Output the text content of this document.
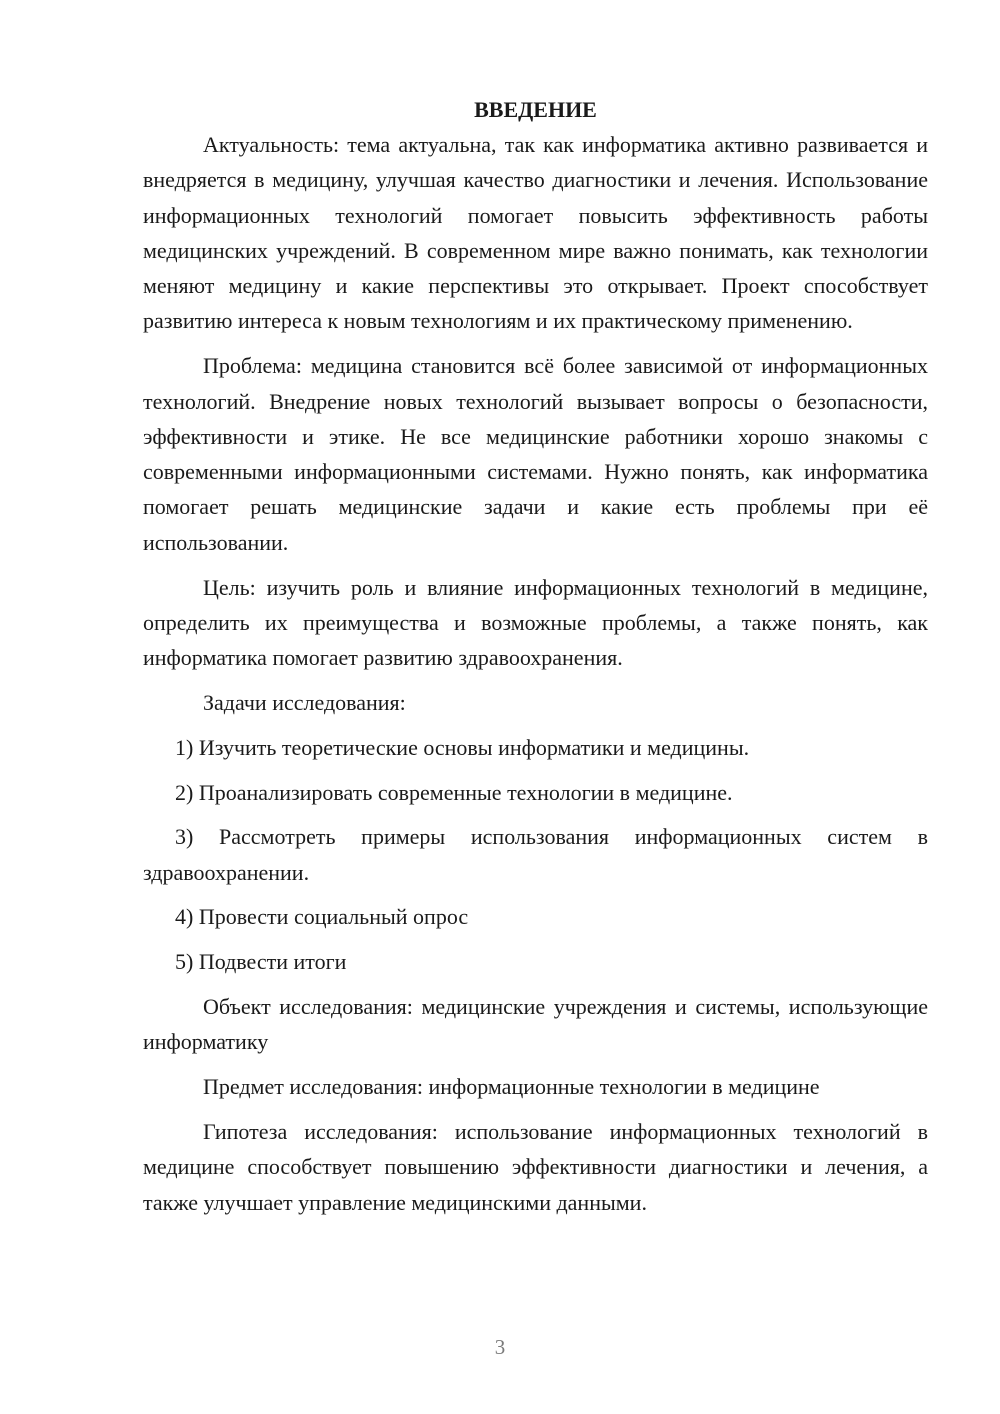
ВВЕДЕНИЕ

Актуальность: тема актуальна, так как информатика активно развивается и внедряется в медицину, улучшая качество диагностики и лечения. Использование информационных технологий помогает повысить эффективность работы медицинских учреждений. В современном мире важно понимать, как технологии меняют медицину и какие перспективы это открывает. Проект способствует развитию интереса к новым технологиям и их практическому применению.

Проблема: медицина становится всё более зависимой от информационных технологий. Внедрение новых технологий вызывает вопросы о безопасности, эффективности и этике. Не все медицинские работники хорошо знакомы с современными информационными системами. Нужно понять, как информатика помогает решать медицинские задачи и какие есть проблемы при её использовании.

Цель: изучить роль и влияние информационных технологий в медицине, определить их преимущества и возможные проблемы, а также понять, как информатика помогает развитию здравоохранения.

Задачи исследования:

1) Изучить теоретические основы информатики и медицины.

2) Проанализировать современные технологии в медицине.

3) Рассмотреть примеры использования информационных систем в здравоохранении.

4) Провести социальный опрос

5) Подвести итоги

Объект исследования: медицинские учреждения и системы, использующие информатику

Предмет исследования: информационные технологии в медицине

Гипотеза исследования: использование информационных технологий в медицине способствует повышению эффективности диагностики и лечения, а также улучшает управление медицинскими данными.

3
